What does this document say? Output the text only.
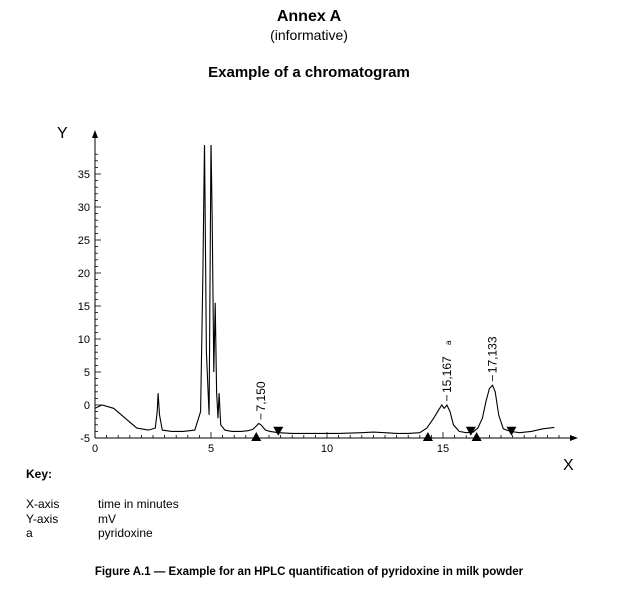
Annex A
(informative)
Example of a chromatogram
-5
0
5
10
15
20
25
30
35
0	5	10	15
Y
X
7,150
15,167
a	17,133
Key:
X-axis	time in minutes
Y-axis	mV
a	pyridoxine
Figure A.1 — Example for an HPLC quantification of pyridoxine in milk powder
